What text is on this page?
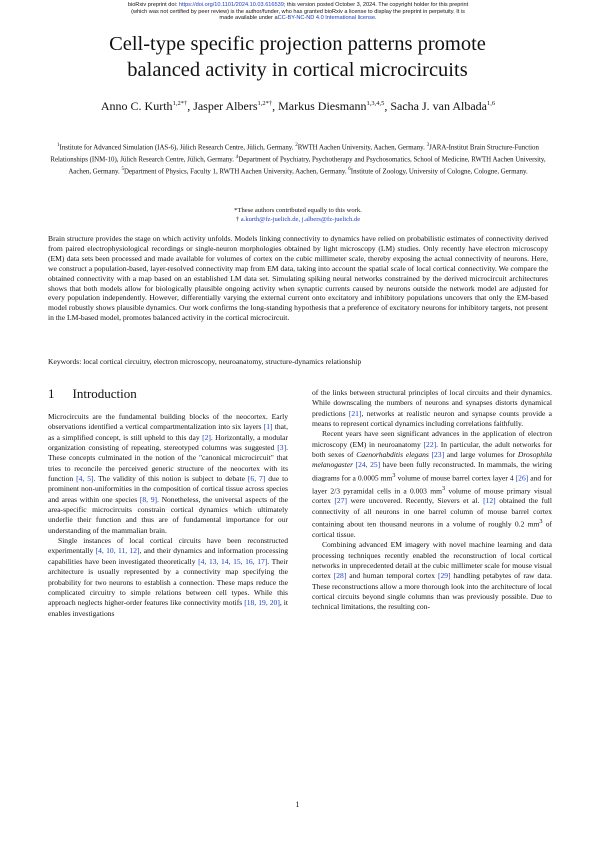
bioRxiv preprint doi: https://doi.org/10.1101/2024.10.03.616539; this version posted October 3, 2024. The copyright holder for this preprint
(which was not certified by peer review) is the author/funder, who has granted bioRxiv a license to display the preprint in perpetuity. It is
made available under aCC-BY-NC-ND 4.0 International license.
Cell-type specific projection patterns promote
balanced activity in cortical microcircuits

Anno C. Kurth$^{1,2*\dagger}$, Jasper Albers$^{1,2*\dagger}$, Markus Diesmann$^{1,3,4,5}$, Sacha J. van Albada$^{1,6}$

$^1$Institute for Advanced Simulation (IAS-6), Jülich Research Centre, Jülich, Germany. $^2$RWTH Aachen University, Aachen, Germany. $^3$JARA-Institut Brain Structure-Function Relationships (INM-10), Jülich Research Centre, Jülich, Germany. $^4$Department of Psychiatry, Psychotherapy and Psychosomatics, School of Medicine, RWTH Aachen University, Aachen, Germany. $^5$Department of Physics, Faculty 1, RWTH Aachen University, Aachen, Germany. $^6$Institute of Zoology, University of Cologne, Cologne, Germany.

*These authors contributed equally to this work.
† a.kurth@fz-juelich.de, j.albers@fz-juelich.de

Brain structure provides the stage on which activity unfolds. Models linking connectivity to dynamics have relied on probabilistic estimates of connectivity derived from paired electrophysiological recordings or single-neuron morphologies obtained by light microscopy (LM) studies. Only recently have electron microscopy (EM) data sets been processed and made available for volumes of cortex on the cubic millimeter scale, thereby exposing the actual connectivity of neurons. Here, we construct a population-based, layer-resolved connectivity map from EM data, taking into account the spatial scale of local cortical connectivity. We compare the obtained connectivity with a map based on an established LM data set. Simulating spiking neural networks constrained by the derived microcircuit architectures shows that both models allow for biologically plausible ongoing activity when synaptic currents caused by neurons outside the network model are adjusted for every population independently. However, differentially varying the external current onto excitatory and inhibitory populations uncovers that only the EM-based model robustly shows plausible dynamics. Our work confirms the long-standing hypothesis that a preference of excitatory neurons for inhibitory targets, not present in the LM-based model, promotes balanced activity in the cortical microcircuit.

Keywords: local cortical circuitry, electron microscopy, neuroanatomy, structure-dynamics relationship

1 Introduction

Microcircuits are the fundamental building blocks of the neocortex. Early observations identified a vertical compartmentalization into six layers [1] that, as a simplified concept, is still upheld to this day [2]. Horizontally, a modular organization consisting of repeating, stereotyped columns was suggested [3]. These concepts culminated in the notion of the "canonical microcircuit" that tries to reconcile the perceived generic structure of the neocortex with its function [4, 5]. The validity of this notion is subject to debate [6, 7] due to prominent non-uniformities in the composition of cortical tissue across species and areas within one species [8, 9]. Nonetheless, the universal aspects of the area-specific microcircuits constrain cortical dynamics which ultimately underlie their function and thus are of fundamental importance for our understanding of the mammalian brain.

Single instances of local cortical circuits have been reconstructed experimentally [4, 10, 11, 12], and their dynamics and information processing capabilities have been investigated theoretically [4, 13, 14, 15, 16, 17]. Their architecture is usually represented by a connectivity map specifying the probability for two neurons to establish a connection. These maps reduce the complicated circuitry to simple relations between cell types. While this approach neglects higher-order features like connectivity motifs [18, 19, 20], it enables investigations

of the links between structural principles of local circuits and their dynamics. While downscaling the numbers of neurons and synapses distorts dynamical predictions [21], networks at realistic neuron and synapse counts provide a means to represent cortical dynamics including correlations faithfully.

Recent years have seen significant advances in the application of electron microscopy (EM) in neuroanatomy [22]. In particular, the adult networks for both sexes of Caenorhabditis elegans [23] and large volumes for Drosophila melanogaster [24, 25] have been fully reconstructed. In mammals, the wiring diagrams for a 0.0005 $mm^3$ volume of mouse barrel cortex layer 4 [26] and for layer 2/3 pyramidal cells in a 0.003 $mm^3$ volume of mouse primary visual cortex [27] were uncovered. Recently, Sievers et al. [12] obtained the full connectivity of all neurons in one barrel column of mouse barrel cortex containing about ten thousand neurons in a volume of roughly 0.2 $mm^3$ of cortical tissue.

Combining advanced EM imagery with novel machine learning and data processing techniques recently enabled the reconstruction of local cortical networks in unprecedented detail at the cubic millimeter scale for mouse visual cortex [28] and human temporal cortex [29] handling petabytes of raw data. These reconstructions allow a more thorough look into the architecture of local cortical circuits beyond single columns than was previously possible. Due to technical limitations, the resulting con-

1
